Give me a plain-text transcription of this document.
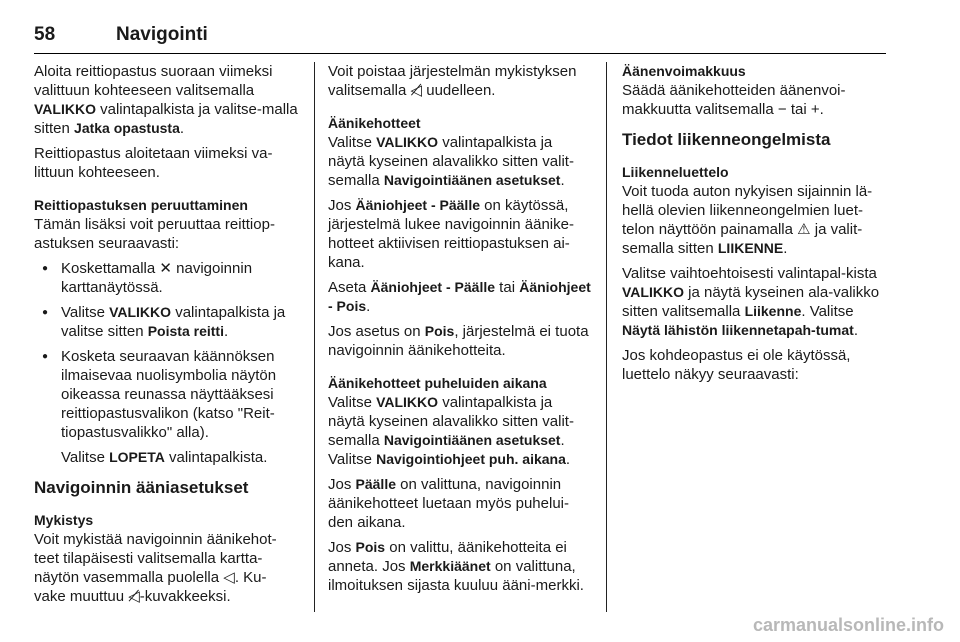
58	Navigointi

Aloita reittiopastus suoraan viimeksi valittuun kohteeseen valitsemalla VALIKKO valintapalkista ja valitse-malla sitten Jatka opastusta.

Reittiopastus aloitetaan viimeksi va-littuun kohteeseen.

Reittiopastuksen peruuttaminen

Tämän lisäksi voit peruuttaa reittiop-astuksen seuraavasti:

● Koskettamalla ✕ navigoinnin karttanäytössä.
● Valitse VALIKKO valintapalkista ja valitse sitten Poista reitti.
● Kosketa seuraavan käännöksen ilmaisevaa nuolisymbolia näytön oikeassa reunassa näyttääksesi reittiopastusvalikon (katso "Reit-tiopastusvalikko" alla).
Valitse LOPETA valintapalkista.
Navigoinnin ääniasetukset
Mykistys

Voit mykistää navigoinnin äänikehot-teet tilapäisesti valitsemalla kartta-näytön vasemmalla puolella ◁. Ku-vake muuttuu ◁̸-kuvakkeeksi.

Voit poistaa järjestelmän mykistyksen valitsemalla ◁̸ uudelleen.

Äänikehotteet

Valitse VALIKKO valintapalkista ja näytä kyseinen alavalikko sitten valit-semalla Navigointiäänen asetukset.

Jos Ääniohjeet - Päälle on käytössä, järjestelmä lukee navigoinnin äänike-hotteet aktiivisen reittiopastuksen ai-kana.

Aseta Ääniohjeet - Päälle tai Ääniohjeet - Pois.

Jos asetus on Pois, järjestelmä ei tuota navigoinnin äänikehotteita.

Äänikehotteet puheluiden aikana

Valitse VALIKKO valintapalkista ja näytä kyseinen alavalikko sitten valit-semalla Navigointiäänen asetukset. Valitse Navigointiohjeet puh. aikana.

Jos Päälle on valittuna, navigoinnin äänikehotteet luetaan myös puhelui-den aikana.

Jos Pois on valittu, äänikehotteita ei anneta. Jos Merkkiäänet on valittuna, ilmoituksen sijasta kuuluu ääni-merkki.

Äänenvoimakkuus

Säädä äänikehotteiden äänenvoi-makkuutta valitsemalla − tai +.

Tiedot liikenneongelmista
Liikenneluettelo

Voit tuoda auton nykyisen sijainnin lä-hellä olevien liikenneongelmien luet-telon näyttöön painamalla ⚠ ja valit-semalla sitten LIIKENNE.

Valitse vaihtoehtoisesti valintapal-kista VALIKKO ja näytä kyseinen ala-valikko sitten valitsemalla Liikenne. Valitse Näytä lähistön liikennetapah-tumat.

Jos kohdeopastus ei ole käytössä, luettelo näkyy seuraavasti:

carmanualsonline.info
